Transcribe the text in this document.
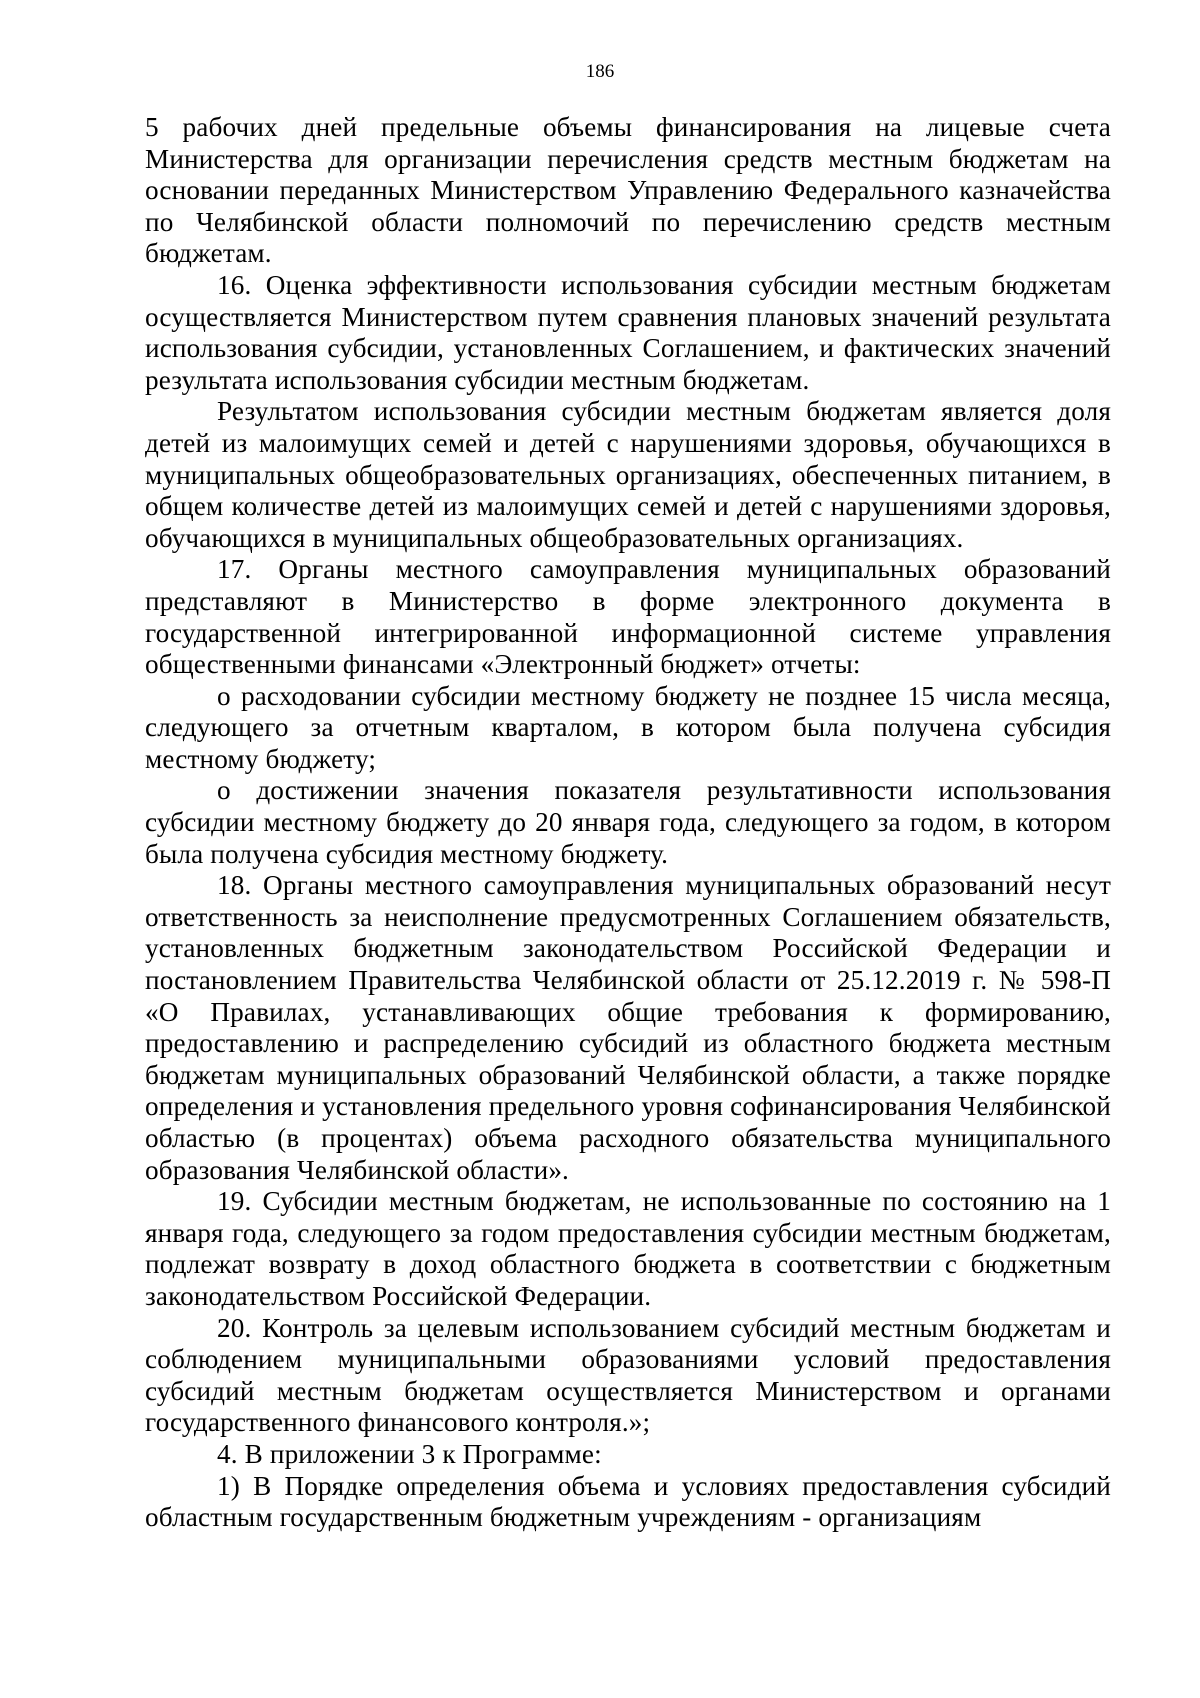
186

5 рабочих дней предельные объемы финансирования на лицевые счета Министерства для организации перечисления средств местным бюджетам на основании переданных Министерством Управлению Федерального казначейства по Челябинской области полномочий по перечислению средств местным бюджетам.

16. Оценка эффективности использования субсидии местным бюджетам осуществляется Министерством путем сравнения плановых значений результата использования субсидии, установленных Соглашением, и фактических значений результата использования субсидии местным бюджетам.

Результатом использования субсидии местным бюджетам является доля детей из малоимущих семей и детей с нарушениями здоровья, обучающихся в муниципальных общеобразовательных организациях, обеспеченных питанием, в общем количестве детей из малоимущих семей и детей с нарушениями здоровья, обучающихся в муниципальных общеобразовательных организациях.

17. Органы местного самоуправления муниципальных образований представляют в Министерство в форме электронного документа в государственной интегрированной информационной системе управления общественными финансами «Электронный бюджет» отчеты:

о расходовании субсидии местному бюджету не позднее 15 числа месяца, следующего за отчетным кварталом, в котором была получена субсидия местному бюджету;

о достижении значения показателя результативности использования субсидии местному бюджету до 20 января года, следующего за годом, в котором была получена субсидия местному бюджету.

18. Органы местного самоуправления муниципальных образований несут ответственность за неисполнение предусмотренных Соглашением обязательств, установленных бюджетным законодательством Российской Федерации и постановлением Правительства Челябинской области от 25.12.2019 г. № 598-П «О Правилах, устанавливающих общие требования к формированию, предоставлению и распределению субсидий из областного бюджета местным бюджетам муниципальных образований Челябинской области, а также порядке определения и установления предельного уровня софинансирования Челябинской областью (в процентах) объема расходного обязательства муниципального образования Челябинской области».

19. Субсидии местным бюджетам, не использованные по состоянию на 1 января года, следующего за годом предоставления субсидии местным бюджетам, подлежат возврату в доход областного бюджета в соответствии с бюджетным законодательством Российской Федерации.

20. Контроль за целевым использованием субсидий местным бюджетам и соблюдением муниципальными образованиями условий предоставления субсидий местным бюджетам осуществляется Министерством и органами государственного финансового контроля.»;

4. В приложении 3 к Программе:

1) В Порядке определения объема и условиях предоставления субсидий областным государственным бюджетным учреждениям - организациям
